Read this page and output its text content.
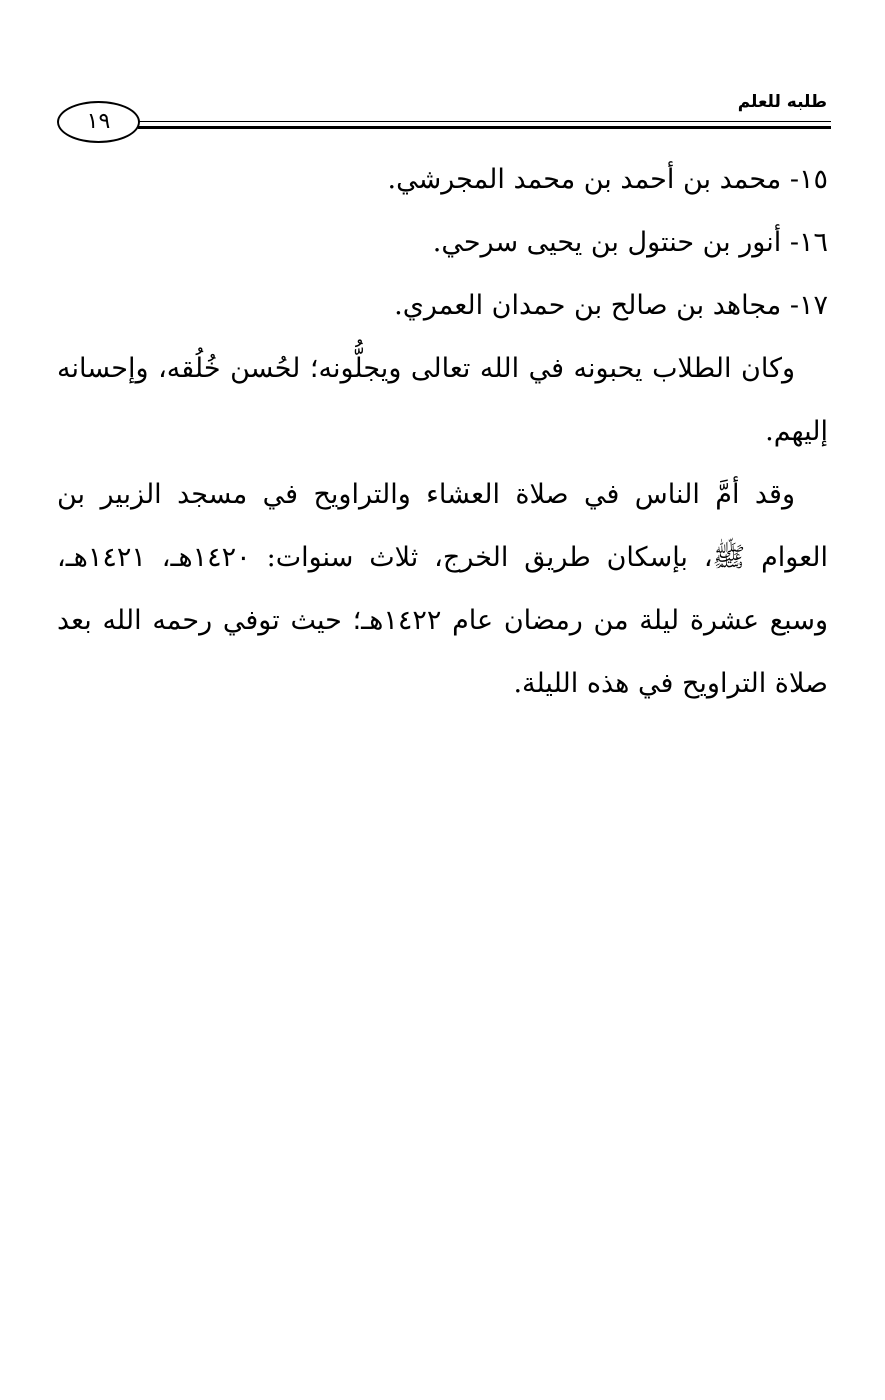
طلبه للعلم
١٩

١٥- محمد بن أحمد بن محمد المجرشي.

١٦- أنور بن حنتول بن يحيى سرحي.

١٧- مجاهد بن صالح بن حمدان العمري.

وكان الطلاب يحبونه في الله تعالى ويجلُّونه؛ لحُسن خُلُقه، وإحسانه إليهم.

وقد أمَّ الناس في صلاة العشاء والتراويح في مسجد الزبير بن العوام ﷺ، بإسكان طريق الخرج، ثلاث سنوات: ١٤٢٠هـ، ١٤٢١هـ، وسبع عشرة ليلة من رمضان عام ١٤٢٢هـ؛ حيث توفي رحمه الله بعد صلاة التراويح في هذه الليلة.
